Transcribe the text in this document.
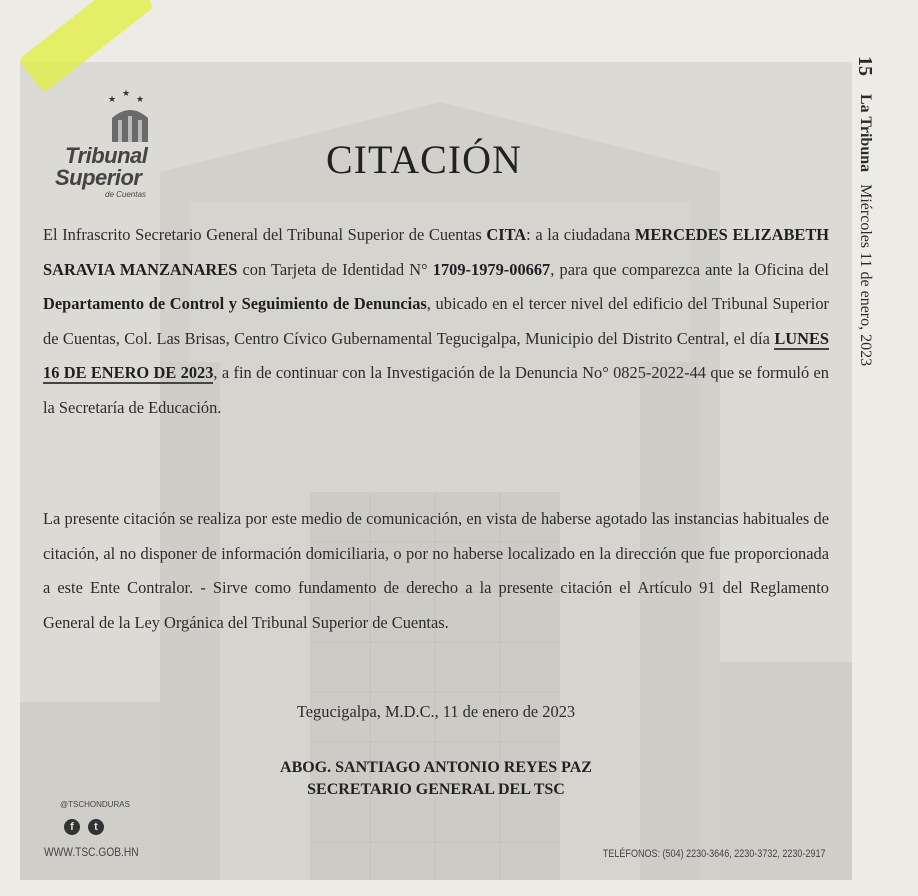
15 La Tribuna Miércoles 11 de enero, 2023
★
★
★
Tribunal
Superior
de Cuentas
CITACIÓN
El Infrascrito Secretario General del Tribunal Superior de Cuentas CITA: a la ciudadana MERCEDES ELIZABETH SARAVIA MANZANARES con Tarjeta de Identidad N° 1709-1979-00667, para que comparezca ante la Oficina del Departamento de Control y Seguimiento de Denuncias, ubicado en el tercer nivel del edificio del Tribunal Superior de Cuentas, Col. Las Brisas, Centro Cívico Gubernamental Tegucigalpa, Municipio del Distrito Central, el día LUNES 16 DE ENERO DE 2023, a fin de continuar con la Investigación de la Denuncia No° 0825-2022-44 que se formuló en la Secretaría de Educación.
La presente citación se realiza por este medio de comunicación, en vista de haberse agotado las instancias habituales de citación, al no disponer de información domiciliaria, o por no haberse localizado en la dirección que fue proporcionada a este Ente Contralor. - Sirve como fundamento de derecho a la presente citación el Artículo 91 del Reglamento General de la Ley Orgánica del Tribunal Superior de Cuentas.
Tegucigalpa, M.D.C., 11 de enero de 2023
ABOG. SANTIAGO ANTONIO REYES PAZ
SECRETARIO GENERAL DEL TSC
@TSCHONDURAS
f t
WWW.TSC.GOB.HN	TELÉFONOS: (504) 2230-3646, 2230-3732, 2230-2917
